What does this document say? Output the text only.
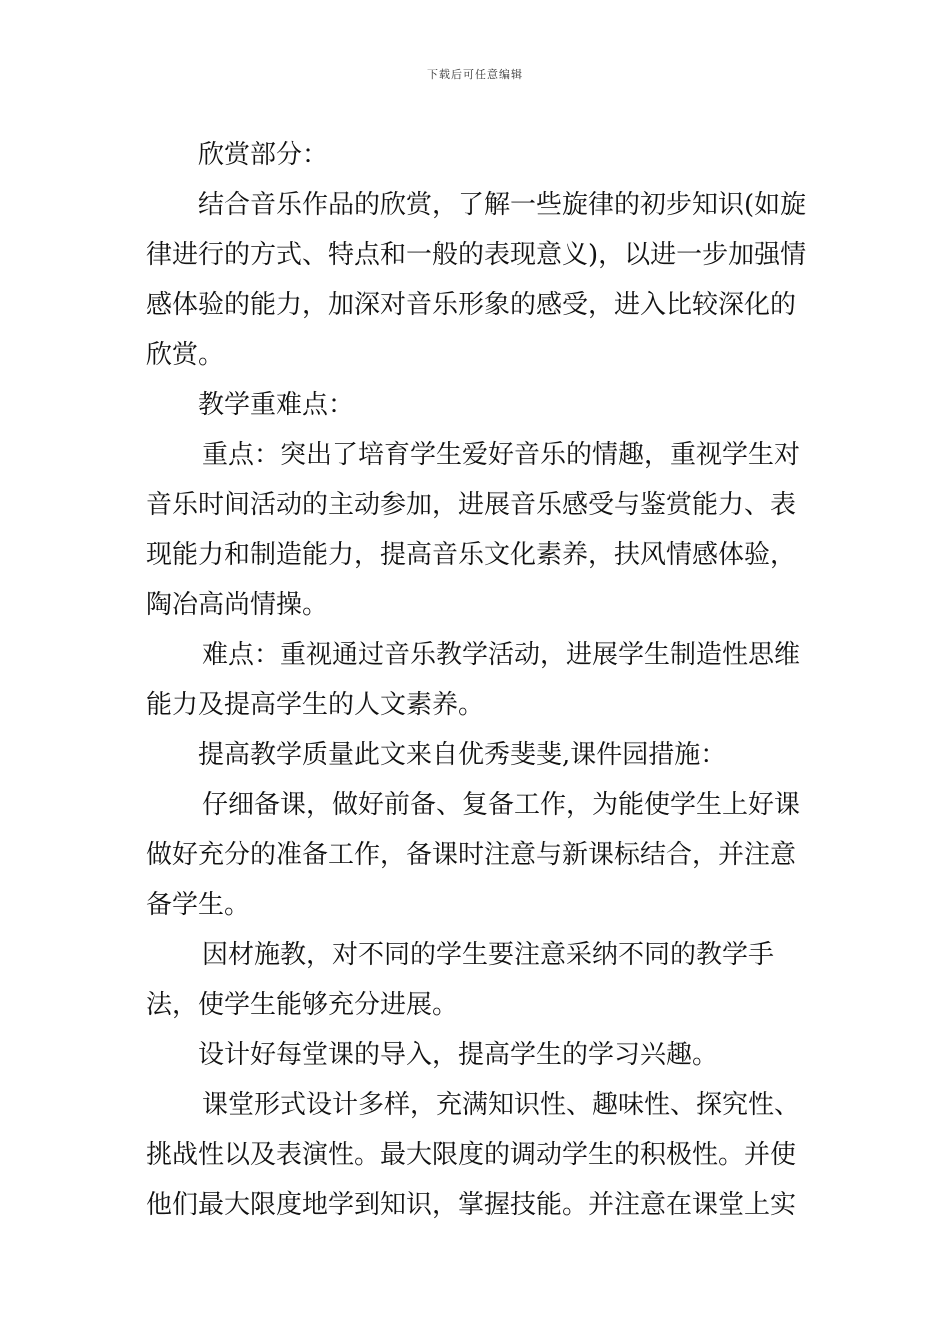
下载后可任意编辑

欣赏部分：

结合音乐作品的欣赏，了解一些旋律的初步知识(如旋律进行的方式、特点和一般的表现意义)，以进一步加强情感体验的能力，加深对音乐形象的感受，进入比较深化的欣赏。

教学重难点：

重点：突出了培育学生爱好音乐的情趣，重视学生对音乐时间活动的主动参加，进展音乐感受与鉴赏能力、表现能力和制造能力，提高音乐文化素养，扶风情感体验，陶冶高尚情操。

难点：重视通过音乐教学活动，进展学生制造性思维能力及提高学生的人文素养。

提高教学质量此文来自优秀斐斐,课件园措施：

仔细备课，做好前备、复备工作，为能使学生上好课做好充分的准备工作，备课时注意与新课标结合，并注意备学生。

因材施教，对不同的学生要注意采纳不同的教学手法，使学生能够充分进展。

设计好每堂课的导入，提高学生的学习兴趣。

课堂形式设计多样，充满知识性、趣味性、探究性、挑战性以及表演性。最大限度的调动学生的积极性。并使他们最大限度地学到知识，掌握技能。并注意在课堂上实
